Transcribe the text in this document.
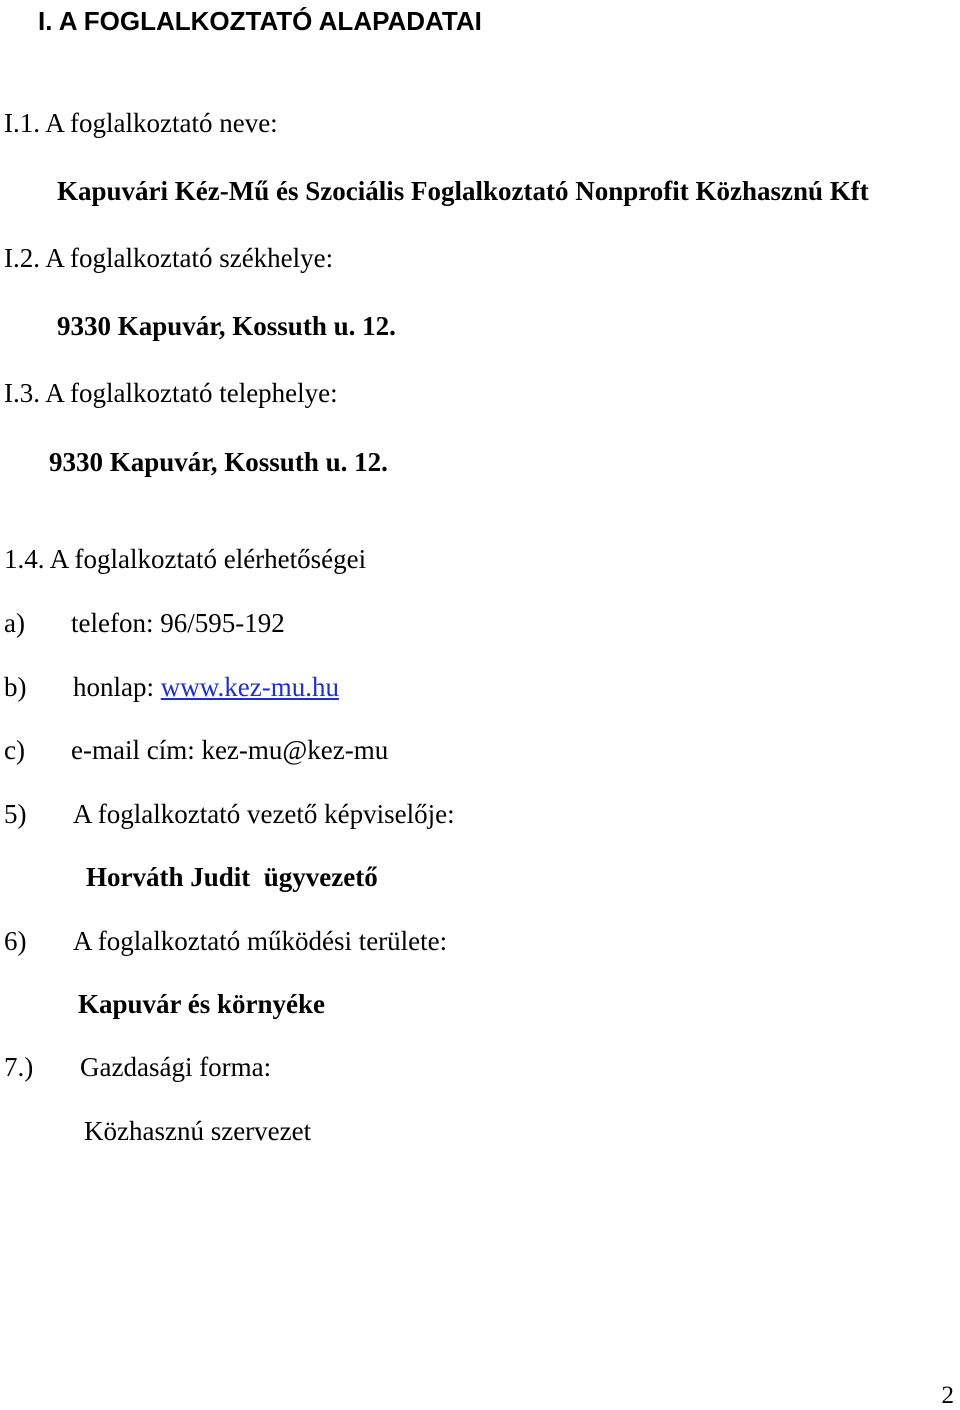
I. A FOGLALKOZTATÓ ALAPADATAI
I.1. A foglalkoztató neve:
Kapuvári Kéz-Mű és Szociális Foglalkoztató Nonprofit Közhasznú Kft
I.2. A foglalkoztató székhelye:
9330 Kapuvár, Kossuth u. 12.
I.3. A foglalkoztató telephelye:
9330 Kapuvár, Kossuth u. 12.
1.4. A foglalkoztató elérhetőségei
a) telefon: 96/595-192
b) honlap: www.kez-mu.hu
c) e-mail cím: kez-mu@kez-mu
5) A foglalkoztató vezető képviselője:
Horváth Judit  ügyvezető
6) A foglalkoztató működési területe:
Kapuvár és környéke
7.) Gazdasági forma:
Közhasznú szervezet
2
